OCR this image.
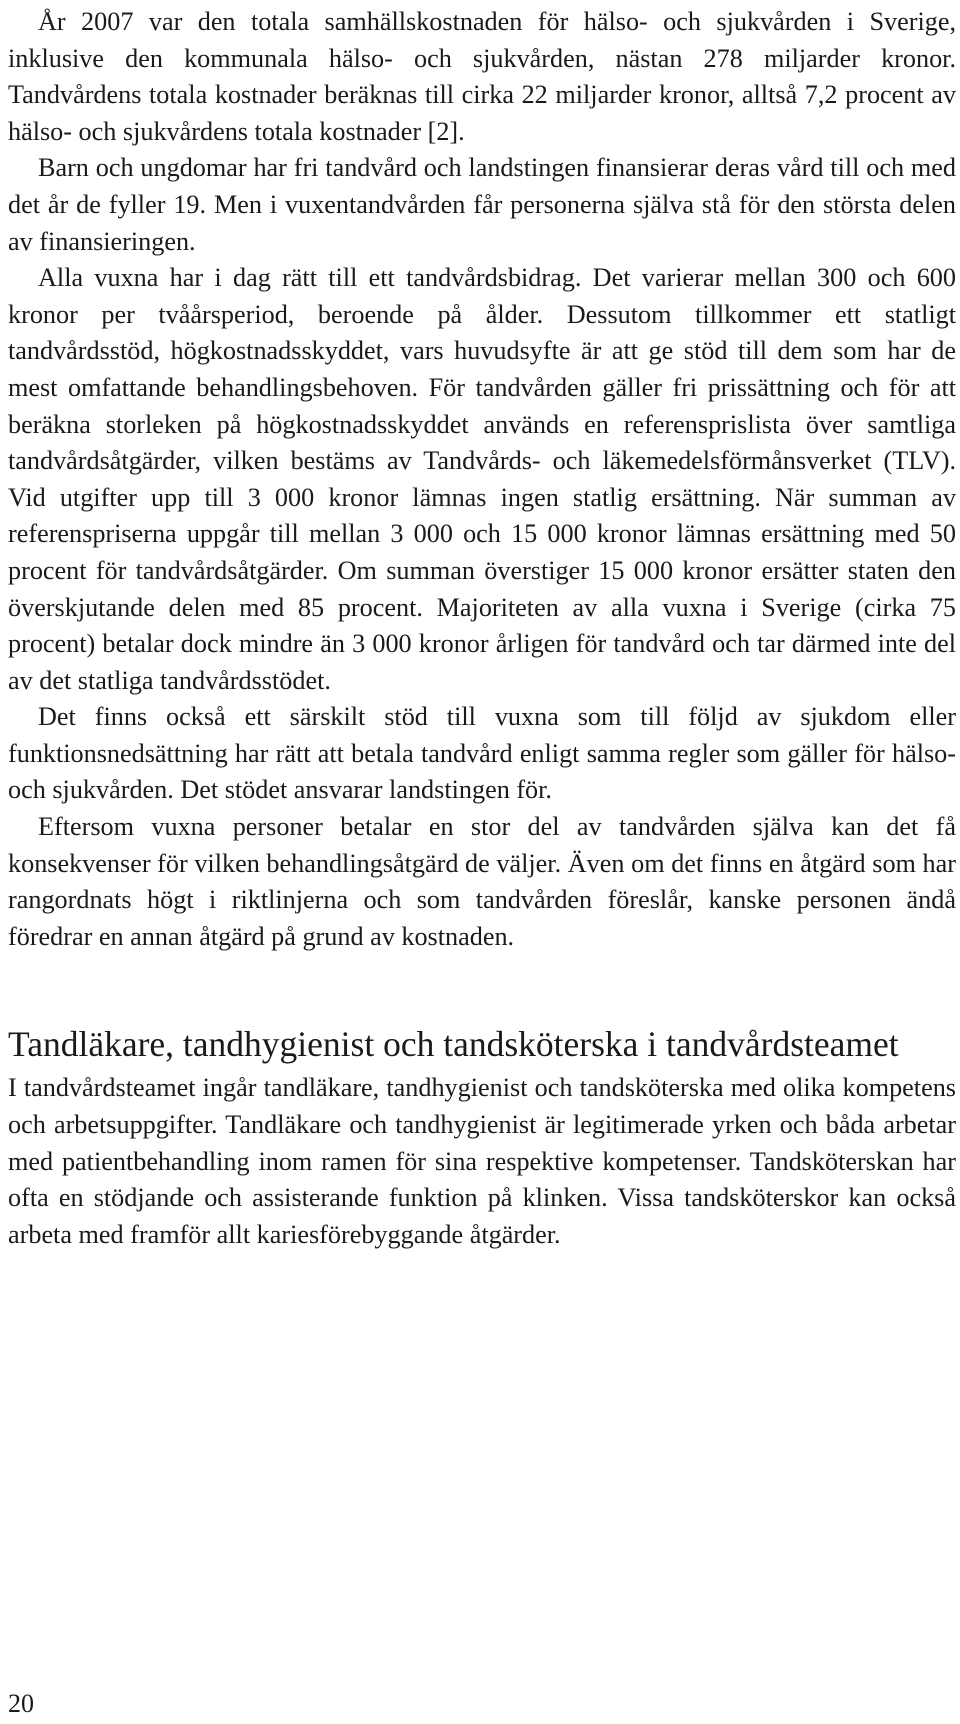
År 2007 var den totala samhällskostnaden för hälso- och sjukvården i Sverige, inklusive den kommunala hälso- och sjukvården, nästan 278 miljarder kronor. Tandvårdens totala kostnader beräknas till cirka 22 miljarder kronor, alltså 7,2 procent av hälso- och sjukvårdens totala kostnader [2].

Barn och ungdomar har fri tandvård och landstingen finansierar deras vård till och med det år de fyller 19. Men i vuxentandvården får personerna själva stå för den största delen av finansieringen.

Alla vuxna har i dag rätt till ett tandvårdsbidrag. Det varierar mellan 300 och 600 kronor per tvåårsperiod, beroende på ålder. Dessutom tillkommer ett statligt tandvårdsstöd, högkostnadsskyddet, vars huvudsyfte är att ge stöd till dem som har de mest omfattande behandlingsbehoven. För tandvården gäller fri prissättning och för att beräkna storleken på högkostnadsskyddet används en referensprislista över samtliga tandvårdsåtgärder, vilken bestäms av Tandvårds- och läkemedelsförmånsverket (TLV). Vid utgifter upp till 3 000 kronor lämnas ingen statlig ersättning. När summan av referenspriserna uppgår till mellan 3 000 och 15 000 kronor lämnas ersättning med 50 procent för tandvårdsåtgärder. Om summan överstiger 15 000 kronor ersätter staten den överskjutande delen med 85 procent. Majoriteten av alla vuxna i Sverige (cirka 75 procent) betalar dock mindre än 3 000 kronor årligen för tandvård och tar därmed inte del av det statliga tandvårdsstödet.

Det finns också ett särskilt stöd till vuxna som till följd av sjukdom eller funktionsnedsättning har rätt att betala tandvård enligt samma regler som gäller för hälso- och sjukvården. Det stödet ansvarar landstingen för.

Eftersom vuxna personer betalar en stor del av tandvården själva kan det få konsekvenser för vilken behandlingsåtgärd de väljer. Även om det finns en åtgärd som har rangordnats högt i riktlinjerna och som tandvården föreslår, kanske personen ändå föredrar en annan åtgärd på grund av kostnaden.

Tandläkare, tandhygienist och tandsköterska i tandvårdsteamet

I tandvårdsteamet ingår tandläkare, tandhygienist och tandsköterska med olika kompetens och arbetsuppgifter. Tandläkare och tandhygienist är legitimerade yrken och båda arbetar med patientbehandling inom ramen för sina respektive kompetenser. Tandsköterskan har ofta en stödjande och assisterande funktion på klinken. Vissa tandsköterskor kan också arbeta med framför allt kariesförebyggande åtgärder.

20
